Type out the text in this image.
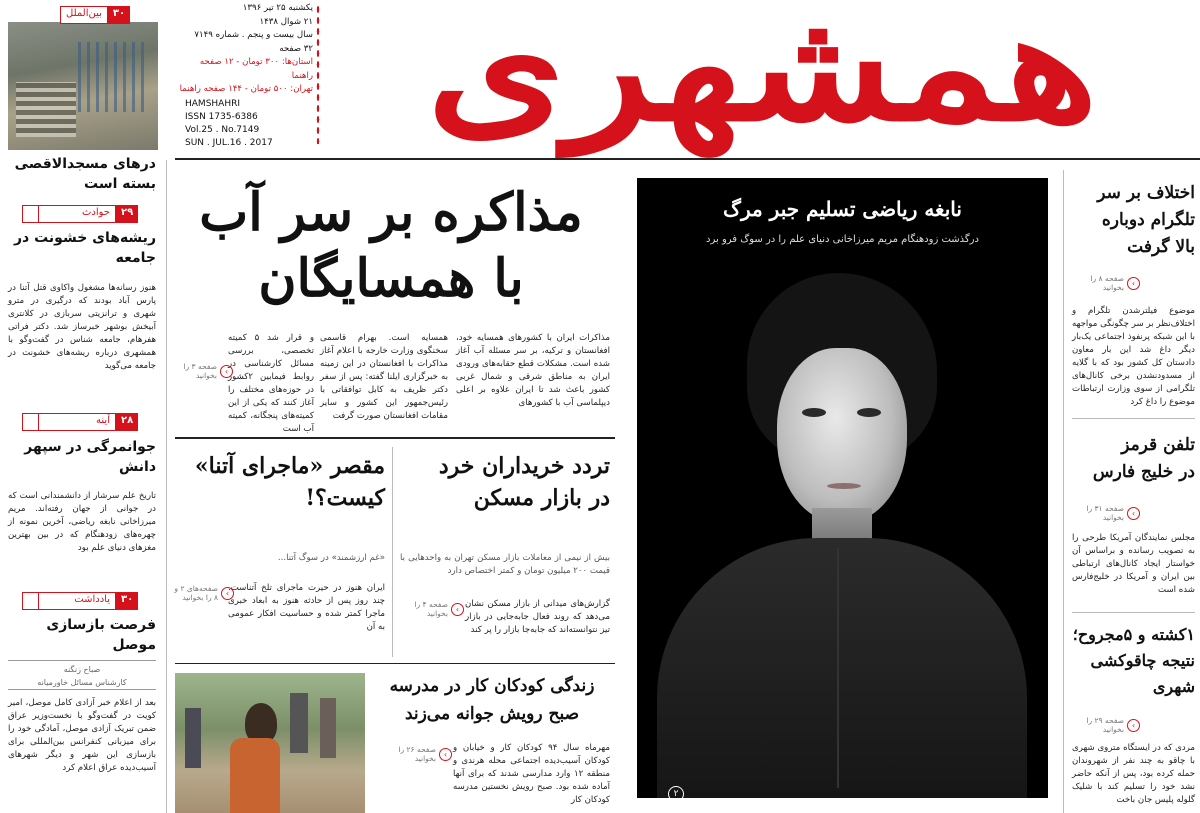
یکشنبه ۲۵ تیر ۱۳۹۶
۲۱ شوال ۱۴۳۸
سال بیست و پنجم . شماره ۷۱۴۹
۳۲ صفحه
استان‌ها: ۳۰۰ تومان - ۱۲ صفحه راهنما
تهران: ۵۰۰ تومان - ۱۴۴ صفحه راهنما
HAMSHAHRI
ISSN 1735-6386
Vol.25 . No.7149
SUN . JUL.16 . 2017	همشهری
۳۰
بین‌الملل
درهای مسجدالاقصی بسته است
۲۹
حوادث
ریشه‌های خشونت در جامعه
هنوز رسانه‌ها مشغول واکاوی قتل آتنا در پارس آباد بودند که درگیری در مترو شهری و ترانزیتی سربازی در کلانتری آبیخش بوشهر خبرساز شد. دکتر فراتی هفرهام، جامعه شناس در گفت‌وگو با همشهری درباره ریشه‌های خشونت در جامعه می‌گوید
۲۸
آینه
جوانمرگی در سپهر دانش
تاریخ علم سرشار از دانشمندانی است که در جوانی از جهان رفته‌اند. مریم میرزاخانی نابغه ریاضی، آخرین نمونه از چهره‌های زودهنگام که در بین بهترین مغزهای دنیای علم بود
۳۰
یادداشت
فرصت بازسازی موصل
صباح زنگنه
کارشناس مسائل خاورمیانه
بعد از اعلام خبر آزادی کامل موصل، امیر کویت در گفت‌وگو با نخست‌وزیر عراق ضمن تبریک آزادی موصل، آمادگی خود را برای میزبانی کنفرانس بین‌المللی برای بازسازی این شهر و دیگر شهرهای آسیب‌دیده عراق اعلام کرد
مذاکره بر سر آب
با همسایگان
مذاکرات ایران با کشورهای همسایه خود، افغانستان و ترکیه، بر سر مسئله آب آغاز شده است. مشکلات قطع حقابه‌های ورودی ایران به مناطق شرقی و شمال غربی کشور باعث شد تا ایران علاوه بر اعلی دیپلماسی آب با کشورهای
همسایه است. بهرام قاسمی سخنگوی وزارت خارجه با اعلام آغاز مذاکرات با افغانستان در این زمینه به خبرگزاری ایلنا گفته: پس از سفر دکتر ظریف به کابل توافقاتی با رئیس‌جمهور این کشور و سایر مقامات افغانستان صورت گرفت
و قرار شد ۵ کمیته تخصصی، بررسی مسائل کارشناسی در روابط فیمابین ۲کشور در حوزه‌های مختلف را آغاز کنند که یکی از این کمیته‌های پنجگانه، کمیته آب است
›
صفحه ۳ را بخوانید
تردد خریداران خرد
در بازار مسکن
بیش از نیمی از معاملات بازار مسکن تهران به واحدهایی با قیمت ۲۰۰ میلیون تومان و کمتر اختصاص دارد
گزارش‌های میدانی از بازار مسکن نشان می‌دهد که روند فعال جابه‌جایی در بازار تیز نتوانسته‌اند که جابه‌جا بازار را پر کند
›
صفحه ۴ را بخوانید
مقصر «ماجرای آتنا»
کیست؟!
«غم ارزشمند» در سوگ آتنا...
ایران هنوز در حیرت ماجرای تلخ آتناست. چند روز پس از حادثه هنوز به ابعاد خبری ماجرا کمتر شده و حساسیت افکار عمومی به آن
›
صفحه‌های ۲ و ۸ را بخوانید
زندگی کودکان کار در مدرسه
صبح رویش جوانه می‌زند
مهرماه سال ۹۴ کودکان کار و خیابان و کودکان آسیب‌دیده اجتماعی محله هرندی و منطقه ۱۲ وارد مدارسی شدند که برای آنها آماده شده بود. صبح رویش نخستین مدرسه کودکان کار
›
صفحه ۲۶ را بخوانید
نابغه ریاضی تسلیم جبر مرگ
درگذشت زودهنگام مریم میرزاخانی دنیای علم را در سوگ فرو برد
۲
اختلاف بر سر
تلگرام دوباره
بالا گرفت
›
صفحه ۸ را بخوانید
موضوع فیلترشدن تلگرام و اختلاف‌نظر بر سر چگونگی مواجهه با این شبکه پرنفوذ اجتماعی یک‌بار دیگر داغ شد این بار معاون دادستان کل کشور بود که با گلایه از مسدودنشدن برخی کانال‌های تلگرامی از سوی وزارت ارتباطات موضوع را داغ کرد
تلفن قرمز
در خلیج فارس
›
صفحه ۳۱ را بخوانید
مجلس نمایندگان آمریکا طرحی را به تصویب رسانده و براساس آن خواستار ایجاد کانال‌های ارتباطی بین ایران و آمریکا در خلیج‌فارس شده است
۱کشته و ۵مجروح؛
نتیجه چاقوکشی
شهری
›
صفحه ۲۹ را بخوانید
مردی که در ایستگاه متروی شهری با چاقو به چند نفر از شهروندان حمله کرده بود، پس از آنکه حاضر نشد خود را تسلیم کند با شلیک گلوله پلیس جان باخت
